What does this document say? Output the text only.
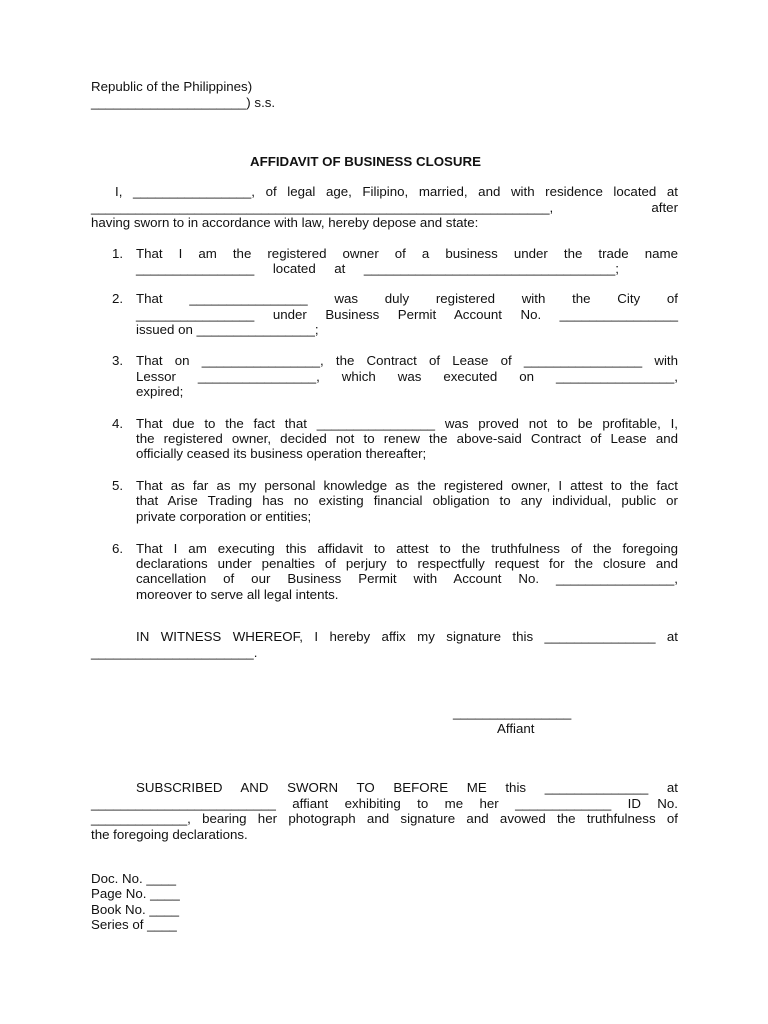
Republic of the Philippines)
_____________________) s.s.
AFFIDAVIT OF BUSINESS CLOSURE
I, ________________, of legal age, Filipino, married, and with residence located at
______________________________________________________________, after
having sworn to in accordance with law, hereby depose and state:
1. That I am the registered owner of a business under the trade name
________________ located at __________________________________;
2. That ________________ was duly registered with the City of
________________ under Business Permit Account No. ________________
issued on ________________;
3. That on ________________, the Contract of Lease of ________________ with
Lessor ________________, which was executed on ________________,
expired;
4. That due to the fact that ________________ was proved not to be profitable, I,
the registered owner, decided not to renew the above-said Contract of Lease and
officially ceased its business operation thereafter;
5. That as far as my personal knowledge as the registered owner, I attest to the fact
that Arise Trading has no existing financial obligation to any individual, public or
private corporation or entities;
6. That I am executing this affidavit to attest to the truthfulness of the foregoing
declarations under penalties of perjury to respectfully request for the closure and
cancellation of our Business Permit with Account No. ________________,
moreover to serve all legal intents.
IN WITNESS WHEREOF, I hereby affix my signature this _______________ at
______________________.
________________
Affiant
SUBSCRIBED AND SWORN TO BEFORE ME this ______________ at
_________________________ affiant exhibiting to me her _____________ ID No.
_____________, bearing her photograph and signature and avowed the truthfulness of
the foregoing declarations.
Doc. No. ____
Page No. ____
Book No. ____
Series of ____
